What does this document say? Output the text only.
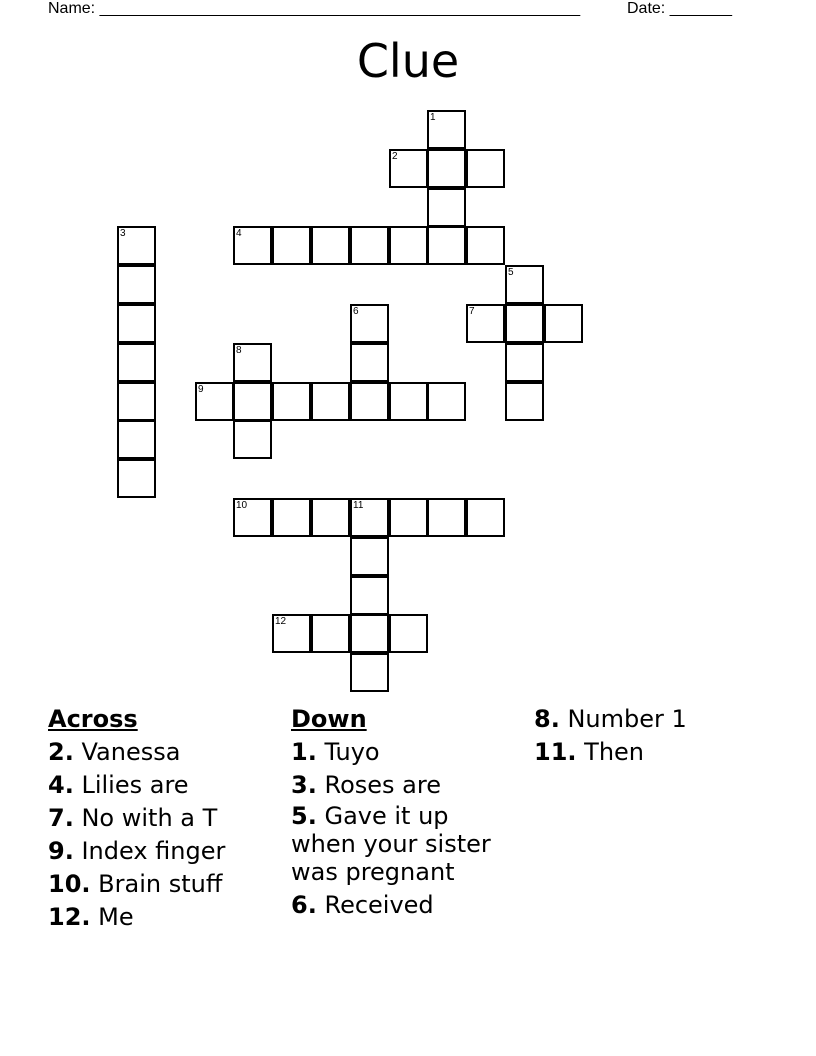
Name: ______________________________________________________	Date: _______
Clue
1
2
3	4
5
6	7
8
9
10	11
12
Across
2. Vanessa
4. Lilies are
7. No with a T
9. Index finger
10. Brain stuff
12. Me
Down
1. Tuyo
3. Roses are
5. Gave it up when your sister was pregnant
6. Received
8. Number 1
11. Then
